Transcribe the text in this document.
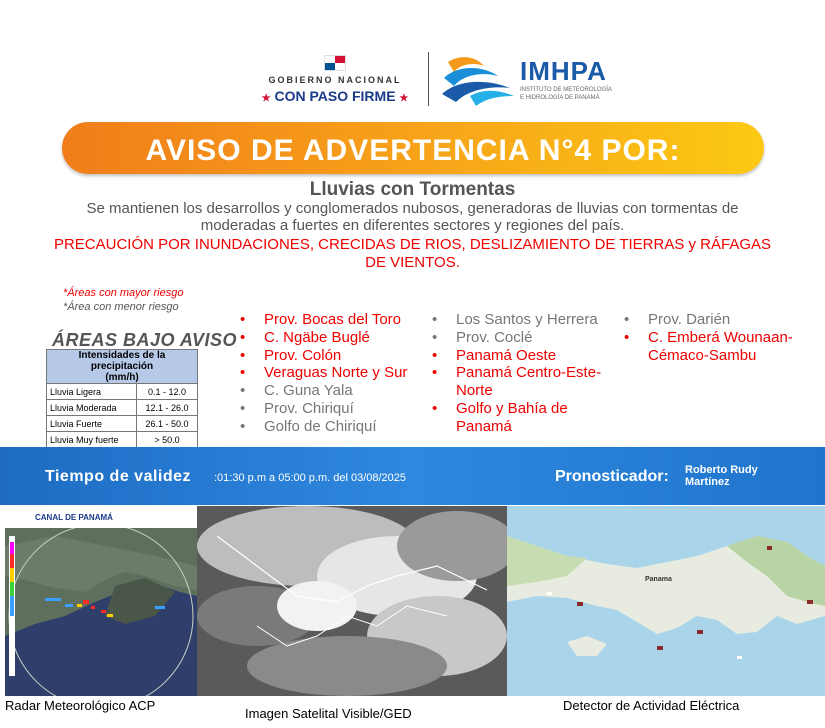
GOBIERNO NACIONAL
★ CON PASO FIRME ★
IMHPA
INSTITUTO DE METEOROLOGÍA
E HIDROLOGÍA DE PANAMÁ
AVISO DE ADVERTENCIA N°4 POR:
Lluvias con Tormentas
Se mantienen los desarrollos y conglomerados nubosos, generadoras de lluvias con tormentas de moderadas a fuertes en diferentes sectores y regiones del país.
PRECAUCIÓN POR INUNDACIONES, CRECIDAS DE RIOS, DESLIZAMIENTO DE TIERRAS y RÁFAGAS DE VIENTOS.
*Áreas con mayor riesgo
*Área con menor riesgo
ÁREAS BAJO AVISO
Intensidades de la precipitación
(mm/h)	
Lluvia Ligera	0.1 - 12.0
Lluvia Moderada	12.1 - 26.0
Lluvia Fuerte	26.1 - 50.0
Lluvia Muy fuerte	> 50.0
• Prov. Bocas del Toro
• C. Ngäbe Buglé
• Prov. Colón
• Veraguas Norte y Sur
• C. Guna Yala
• Prov. Chiriquí
• Golfo de Chiriquí
• Los Santos y Herrera
• Prov. Coclé
• Panamá Oeste
• Panamá Centro-Este-Norte
• Golfo y Bahía de Panamá
• Prov. Darién
• C. Emberá Wounaan-Cémaco-Sambu
Tiempo de validez :01:30 p.m a 05:00 p.m. del 03/08/2025	Pronosticador: Roberto Rudy
Martínez
CANAL DE PANAMÁ
Radar Meteorológico ACP
Imagen Satelital Visible/GED
Panama
Detector de Actividad Eléctrica
